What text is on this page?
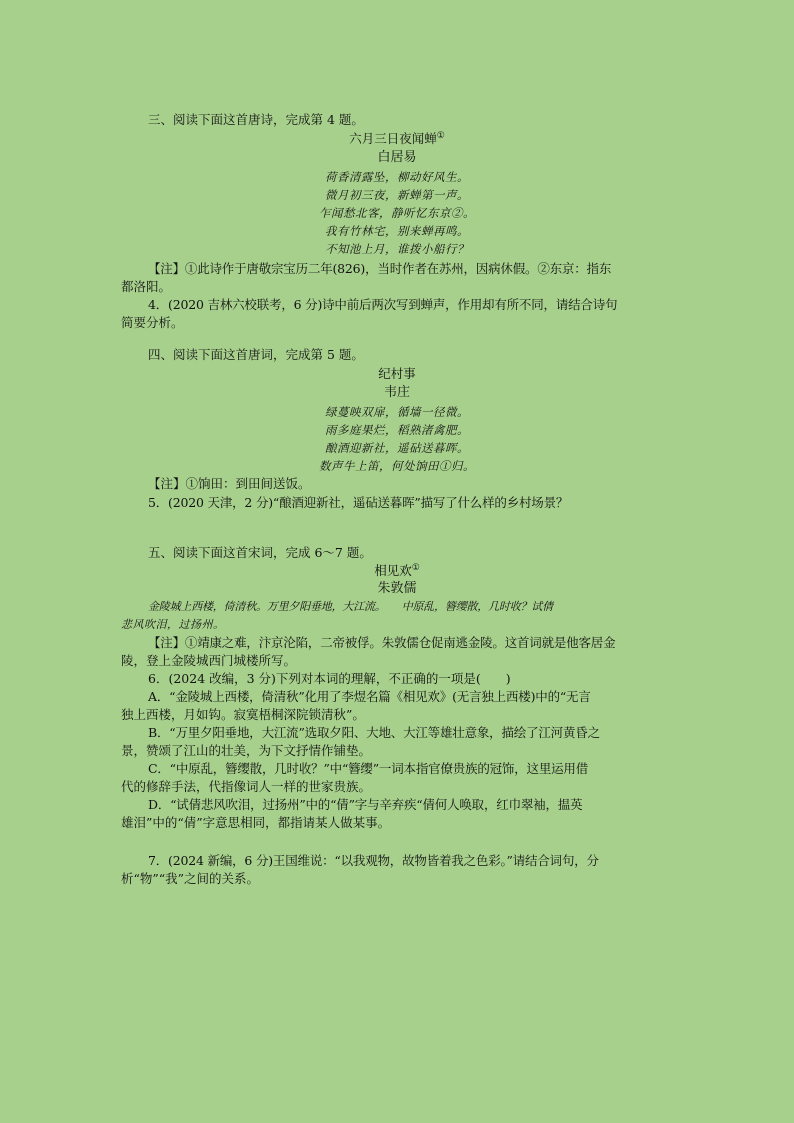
三、阅读下面这首唐诗，完成第 4 题。
六月三日夜闻蝉①
白居易
荷香清露坠，柳动好风生。
微月初三夜，新蝉第一声。
乍闻愁北客，静听忆东京②。
我有竹林宅，别来蝉再鸣。
不知池上月，谁拨小船行？
【注】①此诗作于唐敬宗宝历二年(826)，当时作者在苏州，因病休假。②东京：指东
都洛阳。
4．(2020 吉林六校联考，6 分)诗中前后两次写到蝉声，作用却有所不同，请结合诗句
简要分析。
四、阅读下面这首唐词，完成第 5 题。
纪村事
韦庄
绿蔓映双扉，循墙一径微。
雨多庭果烂，稻熟渚禽肥。
酿酒迎新社，遥砧送暮晖。
数声牛上笛，何处饷田①归。
【注】①饷田：到田间送饭。
5．(2020 天津，2 分)“酿酒迎新社，遥砧送暮晖”描写了什么样的乡村场景？
五、阅读下面这首宋词，完成 6～7 题。
相见欢①
朱敦儒
金陵城上西楼，倚清秋。万里夕阳垂地，大江流。　　中原乱，簪缨散，几时收？试倩
悲风吹泪，过扬州。
【注】①靖康之难，汴京沦陷，二帝被俘。朱敦儒仓促南逃金陵。这首词就是他客居金
陵，登上金陵城西门城楼所写。
6．(2024 改编，3 分)下列对本词的理解，不正确的一项是(　　)
A．“金陵城上西楼，倚清秋”化用了李煜名篇《相见欢》(无言独上西楼)中的“无言
独上西楼，月如钩。寂寞梧桐深院锁清秋”。
B．“万里夕阳垂地，大江流”选取夕阳、大地、大江等雄壮意象，描绘了江河黄昏之
景，赞颂了江山的壮美，为下文抒情作铺垫。
C．“中原乱，簪缨散，几时收？”中“簪缨”一词本指官僚贵族的冠饰，这里运用借
代的修辞手法，代指像词人一样的世家贵族。
D．“试倩悲风吹泪，过扬州”中的“倩”字与辛弃疾“倩何人唤取，红巾翠袖，揾英
雄泪”中的“倩”字意思相同，都指请某人做某事。
7．(2024 新编，6 分)王国维说：“以我观物，故物皆着我之色彩。”请结合词句，分
析“物”“我”之间的关系。
